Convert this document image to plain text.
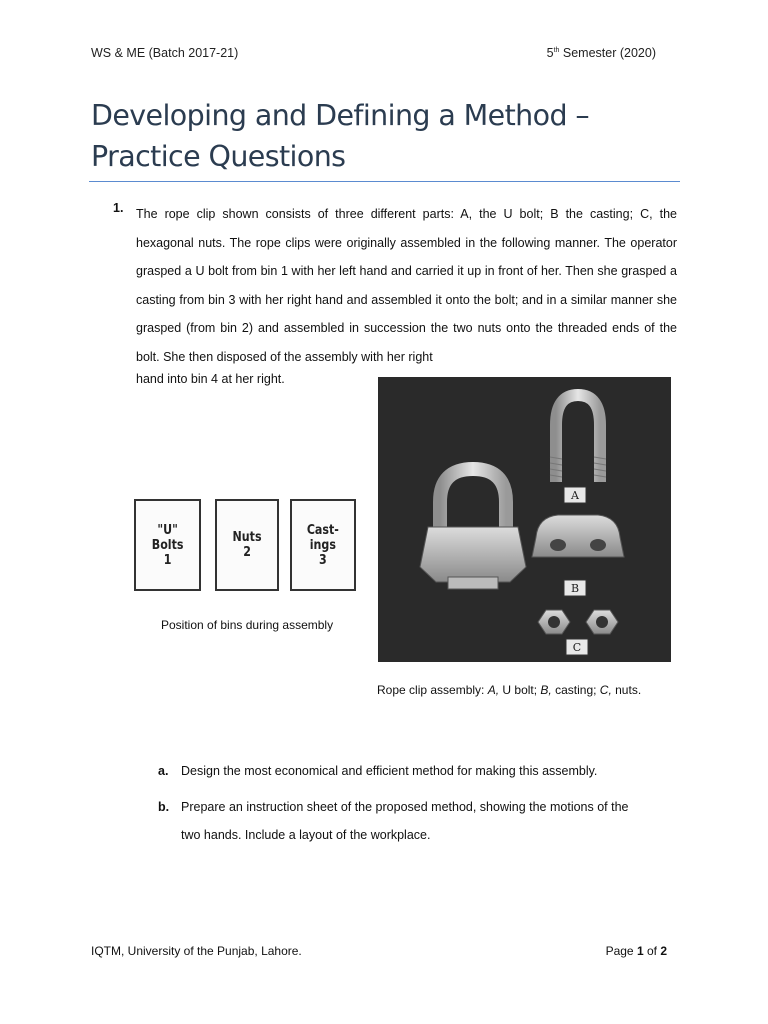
WS & ME (Batch 2017-21)	5th Semester (2020)
Developing and Defining a Method –
Practice Questions
1. The rope clip shown consists of three different parts: A, the U bolt; B the casting; C, the hexagonal nuts. The rope clips were originally assembled in the following manner. The operator grasped a U bolt from bin 1 with her left hand and carried it up in front of her. Then she grasped a casting from bin 3 with her right hand and assembled it onto the bolt; and in a similar manner she grasped (from bin 2) and assembled in succession the two nuts onto the threaded ends of the bolt. She then disposed of the assembly with her right
hand into bin 4 at her right.
"U"
Bolts
1
Nuts
2
Cast-
ings
3
Position of bins during assembly
A
B
C
Rope clip assembly: A, U bolt; B, casting; C, nuts.
a. Design the most economical and efficient method for making this assembly.
b. Prepare an instruction sheet of the proposed method, showing the motions of the
two hands. Include a layout of the workplace.
IQTM, University of the Punjab, Lahore.	Page 1 of 2
